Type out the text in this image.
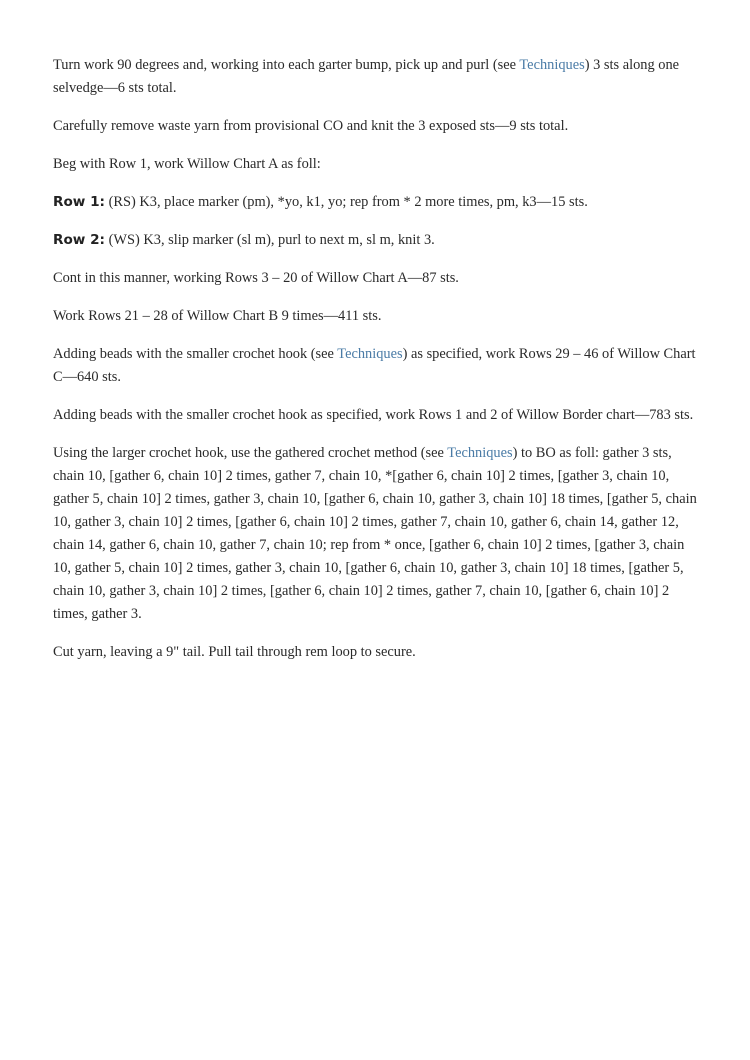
Turn work 90 degrees and, working into each garter bump, pick up and purl (see Techniques) 3 sts along one selvedge—6 sts total.

Carefully remove waste yarn from provisional CO and knit the 3 exposed sts—9 sts total.

Beg with Row 1, work Willow Chart A as foll:

Row 1: (RS) K3, place marker (pm), *yo, k1, yo; rep from * 2 more times, pm, k3—15 sts.

Row 2: (WS) K3, slip marker (sl m), purl to next m, sl m, knit 3.

Cont in this manner, working Rows 3 – 20 of Willow Chart A—87 sts.

Work Rows 21 – 28 of Willow Chart B 9 times—411 sts.

Adding beads with the smaller crochet hook (see Techniques) as specified, work Rows 29 – 46 of Willow Chart C—640 sts.

Adding beads with the smaller crochet hook as specified, work Rows 1 and 2 of Willow Border chart—783 sts.

Using the larger crochet hook, use the gathered crochet method (see Techniques) to BO as foll: gather 3 sts, chain 10, [gather 6, chain 10] 2 times, gather 7, chain 10, *[gather 6, chain 10] 2 times, [gather 3, chain 10, gather 5, chain 10] 2 times, gather 3, chain 10, [gather 6, chain 10, gather 3, chain 10] 18 times, [gather 5, chain 10, gather 3, chain 10] 2 times, [gather 6, chain 10] 2 times, gather 7, chain 10, gather 6, chain 14, gather 12, chain 14, gather 6, chain 10, gather 7, chain 10; rep from * once, [gather 6, chain 10] 2 times, [gather 3, chain 10, gather 5, chain 10] 2 times, gather 3, chain 10, [gather 6, chain 10, gather 3, chain 10] 18 times, [gather 5, chain 10, gather 3, chain 10] 2 times, [gather 6, chain 10] 2 times, gather 7, chain 10, [gather 6, chain 10] 2 times, gather 3.

Cut yarn, leaving a 9" tail. Pull tail through rem loop to secure.
